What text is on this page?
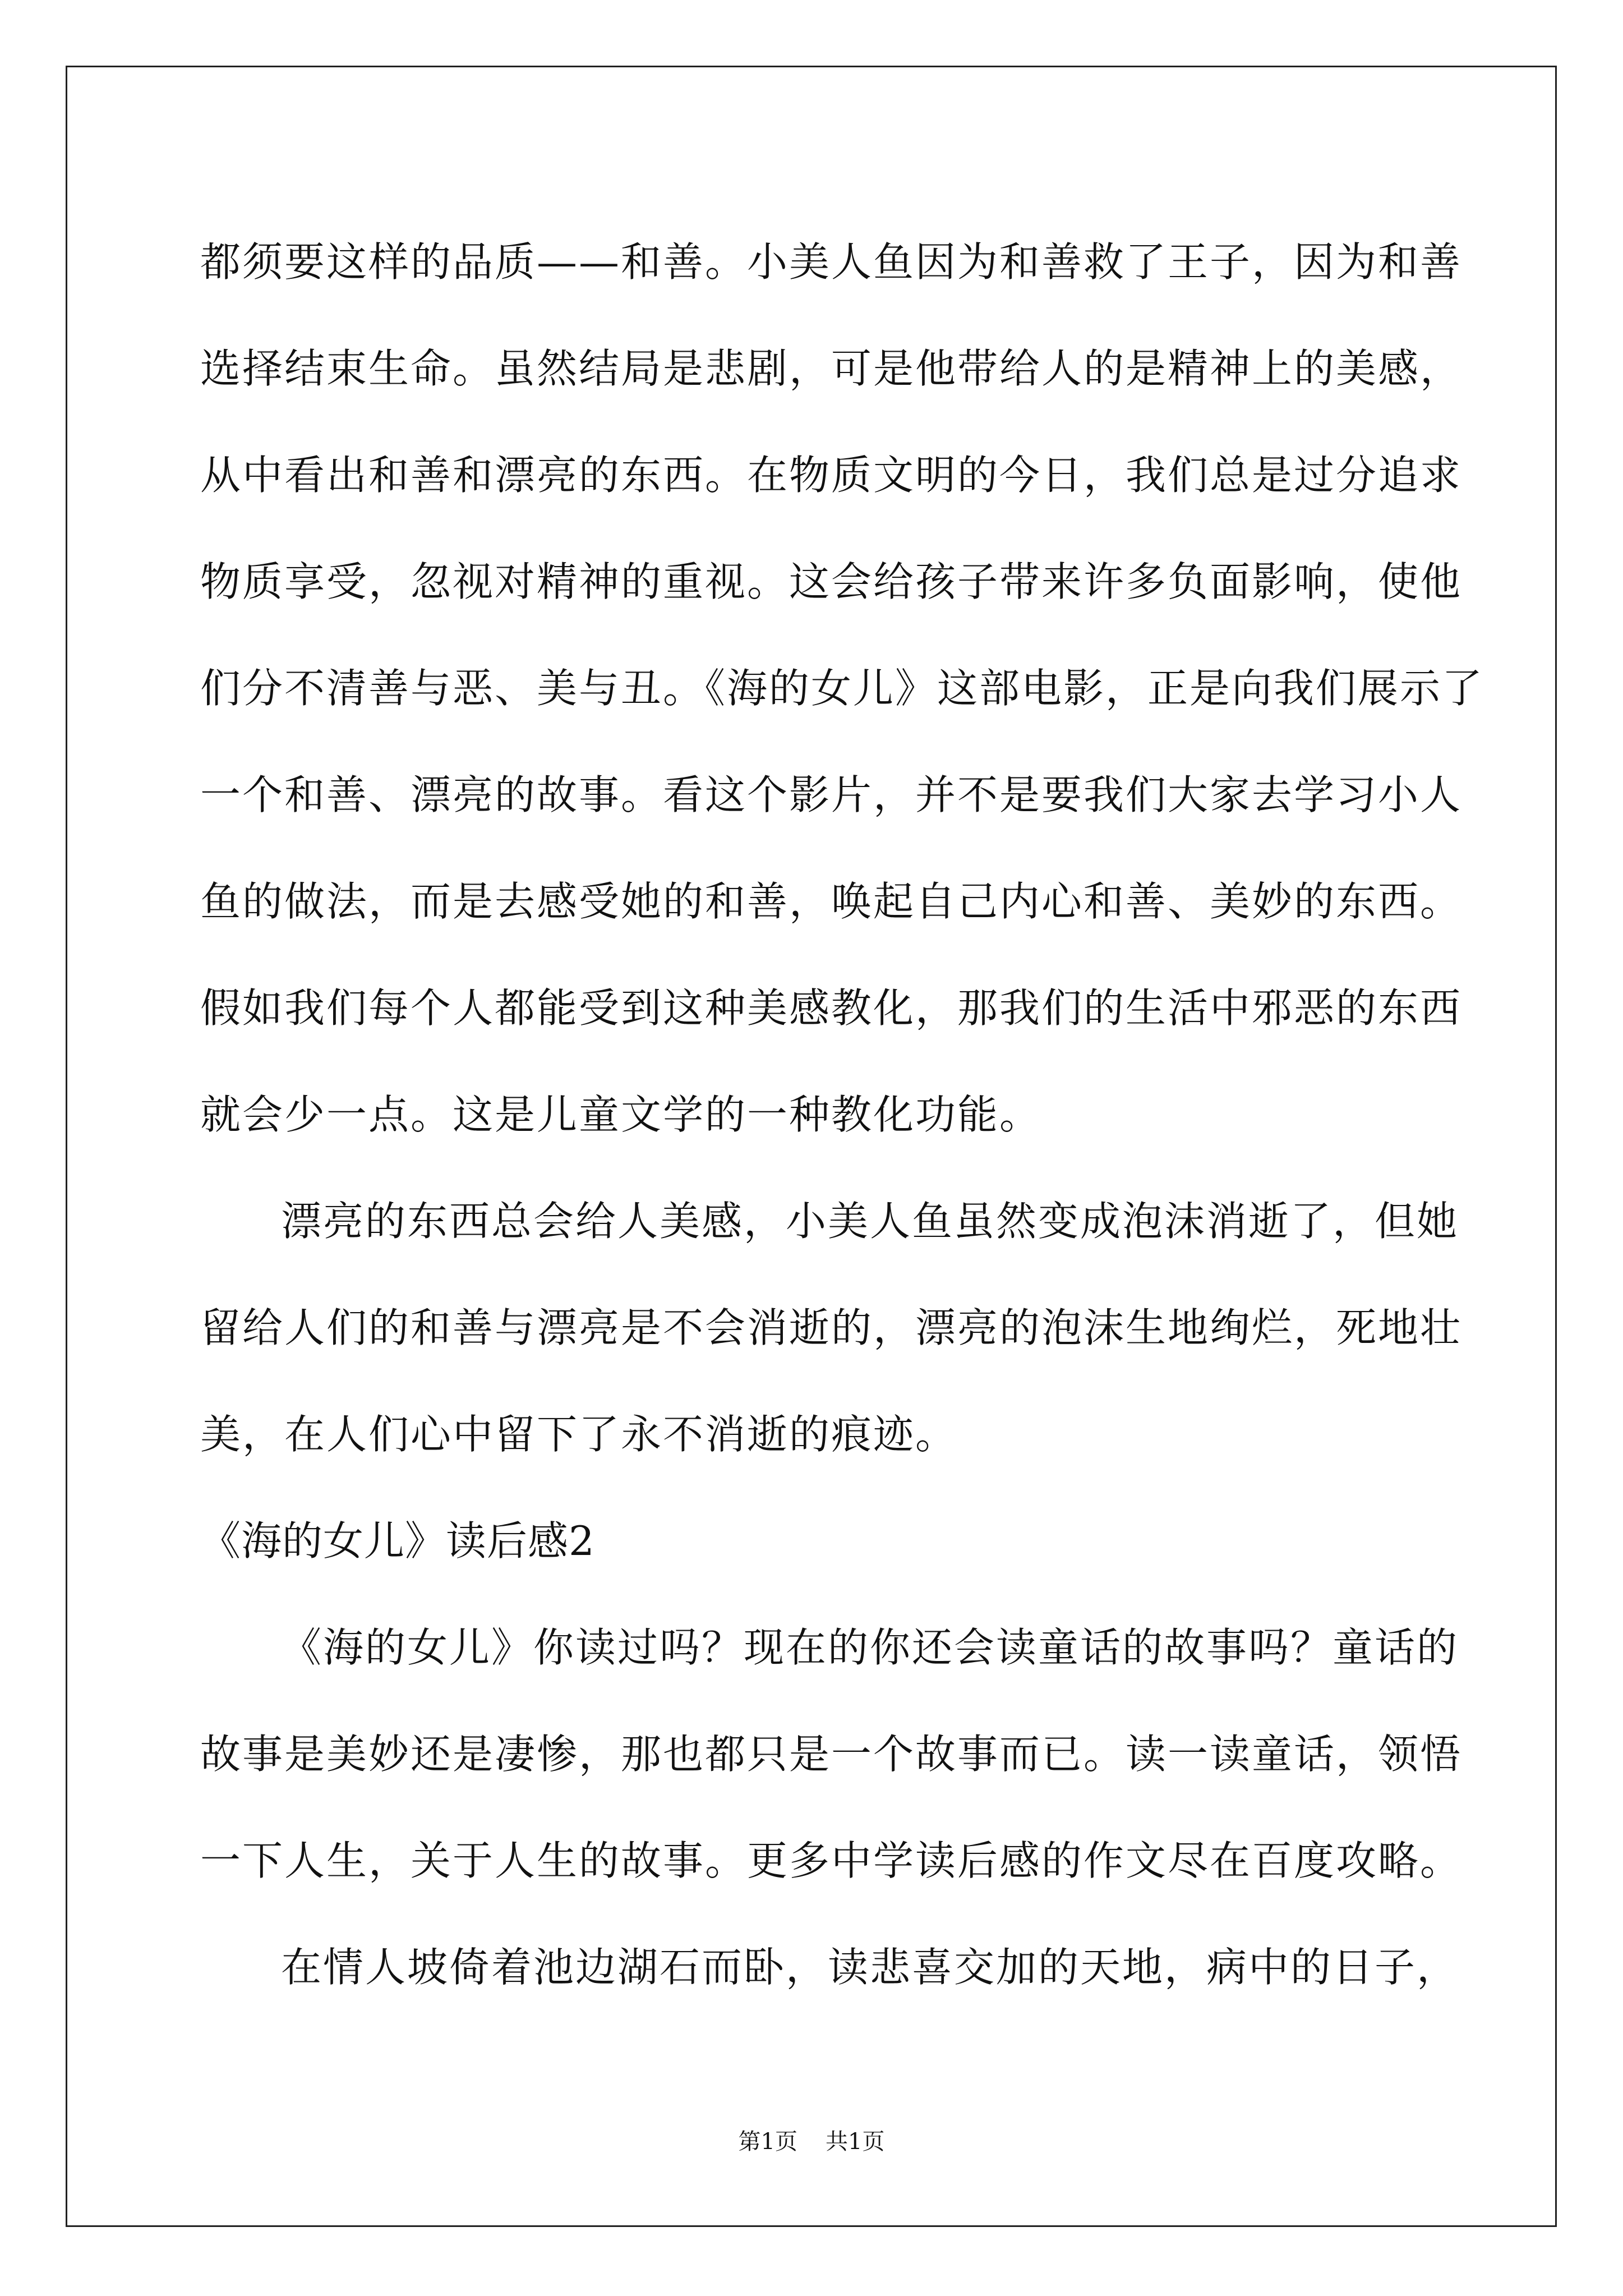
都须要这样的品质——和善。小美人鱼因为和善救了王子，因为和善
选择结束生命。虽然结局是悲剧，可是他带给人的是精神上的美感，
从中看出和善和漂亮的东西。在物质文明的今日，我们总是过分追求
物质享受，忽视对精神的重视。这会给孩子带来许多负面影响，使他
们分不清善与恶、美与丑。《海的女儿》这部电影，正是向我们展示了
一个和善、漂亮的故事。看这个影片，并不是要我们大家去学习小人
鱼的做法，而是去感受她的和善，唤起自己内心和善、美妙的东西。
假如我们每个人都能受到这种美感教化，那我们的生活中邪恶的东西
就会少一点。这是儿童文学的一种教化功能。
漂亮的东西总会给人美感，小美人鱼虽然变成泡沫消逝了，但她
留给人们的和善与漂亮是不会消逝的，漂亮的泡沫生地绚烂，死地壮
美，在人们心中留下了永不消逝的痕迹。
《海的女儿》读后感2
《海的女儿》你读过吗？现在的你还会读童话的故事吗？童话的
故事是美妙还是凄惨，那也都只是一个故事而已。读一读童话，领悟
一下人生，关于人生的故事。更多中学读后感的作文尽在百度攻略。
在情人坡倚着池边湖石而卧，读悲喜交加的天地，病中的日子，
第1页 共1页
